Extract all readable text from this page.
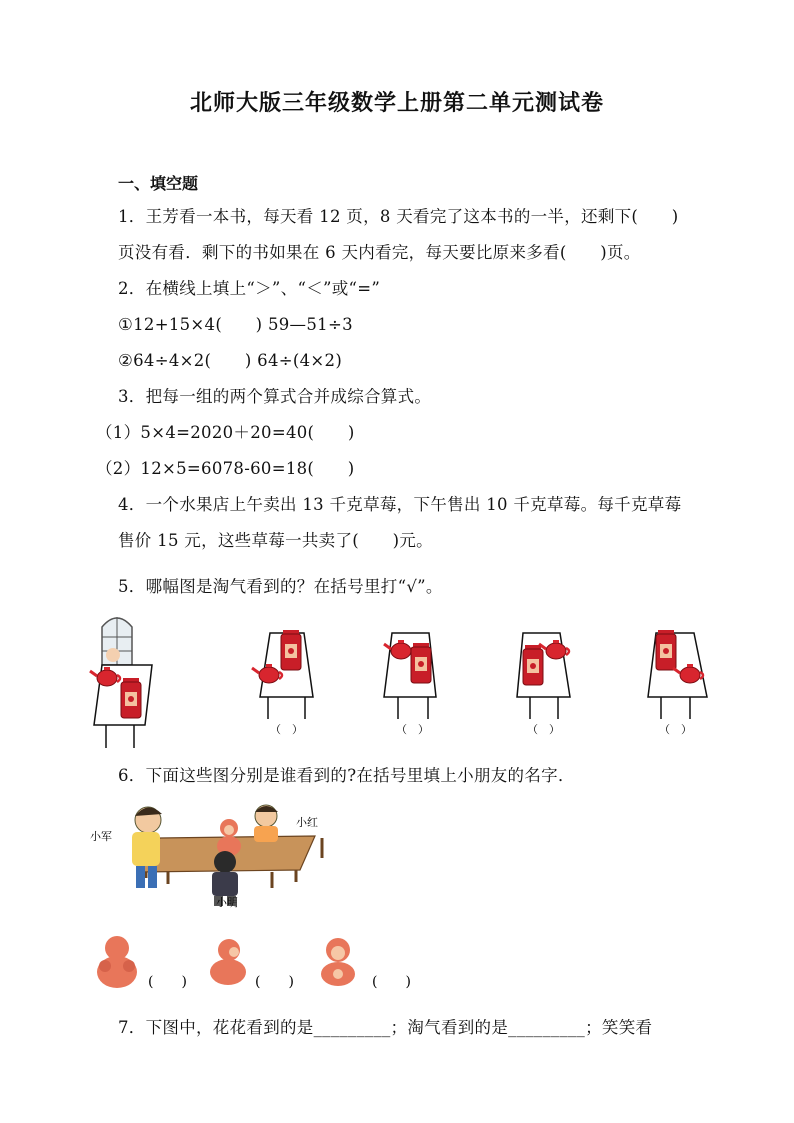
北师大版三年级数学上册第二单元测试卷
一、填空题
1．王芳看一本书，每天看 12 页，8 天看完了这本书的一半，还剩下(　　)
页没有看．剩下的书如果在 6 天内看完，每天要比原来多看(　　)页。
2．在横线上填上“＞”、“＜”或“=”
①12+15×4(　　) 59—51÷3
②64÷4×2(　　) 64÷(4×2)
3．把每一组的两个算式合并成综合算式。
（1）5×4=2020＋20=40(　　)
（2）12×5=6078-60=18(　　)
4．一个水果店上午卖出 13 千克草莓，下午售出 10 千克草莓。每千克草莓
售价 15 元，这些草莓一共卖了(　　)元。
5．哪幅图是淘气看到的？在括号里打“√”。
（　）	（　）	（　）	（　）
6．下面这些图分别是谁看到的?在括号里填上小朋友的名字．
小军
小红
小明
(　　)	(　　)	(　　)
7．下图中，花花看到的是_________；淘气看到的是_________；笑笑看
